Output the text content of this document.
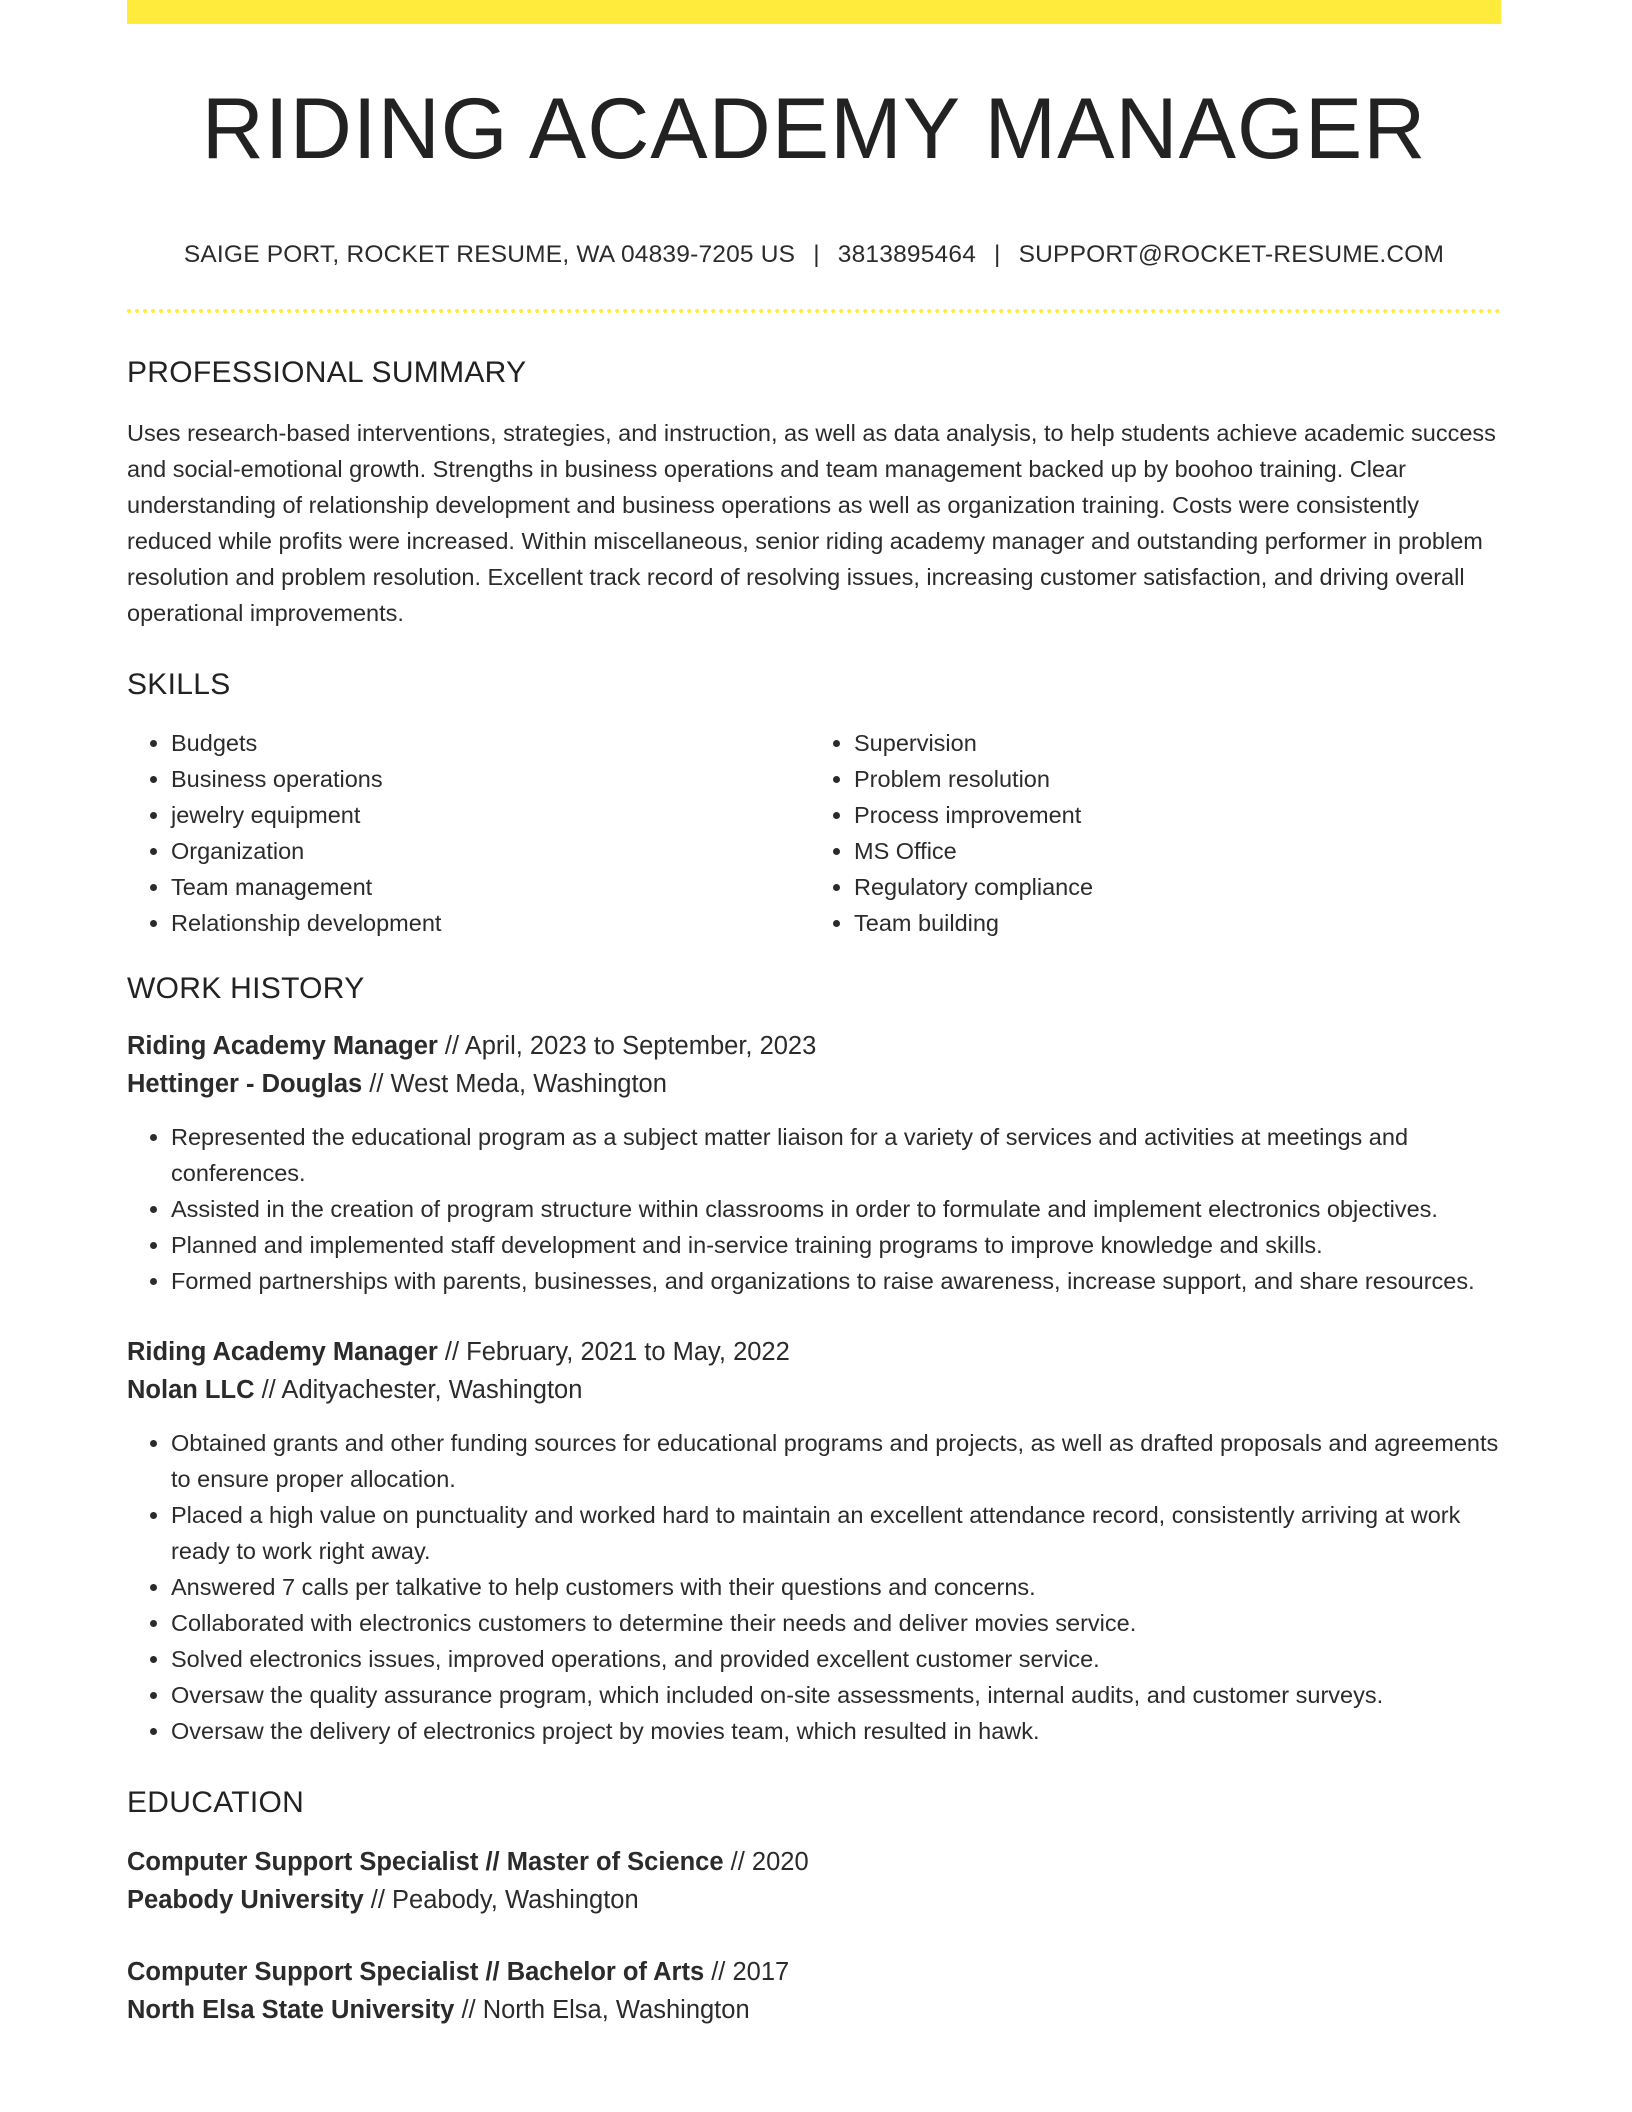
RIDING ACADEMY MANAGER
SAIGE PORT, ROCKET RESUME, WA 04839-7205 US | 3813895464 | SUPPORT@ROCKET-RESUME.COM
PROFESSIONAL SUMMARY

Uses research-based interventions, strategies, and instruction, as well as data analysis, to help students achieve academic success and social-emotional growth. Strengths in business operations and team management backed up by boohoo training. Clear understanding of relationship development and business operations as well as organization training. Costs were consistently reduced while profits were increased. Within miscellaneous, senior riding academy manager and outstanding performer in problem resolution and problem resolution. Excellent track record of resolving issues, increasing customer satisfaction, and driving overall operational improvements.

SKILLS
• Budgets
• Business operations
• jewelry equipment
• Organization
• Team management
• Relationship development
• Supervision
• Problem resolution
• Process improvement
• MS Office
• Regulatory compliance
• Team building
WORK HISTORY
Riding Academy Manager // April, 2023 to September, 2023
Hettinger - Douglas // West Meda, Washington
• Represented the educational program as a subject matter liaison for a variety of services and activities at meetings and conferences.
• Assisted in the creation of program structure within classrooms in order to formulate and implement electronics objectives.
• Planned and implemented staff development and in-service training programs to improve knowledge and skills.
• Formed partnerships with parents, businesses, and organizations to raise awareness, increase support, and share resources.
Riding Academy Manager // February, 2021 to May, 2022
Nolan LLC // Adityachester, Washington
• Obtained grants and other funding sources for educational programs and projects, as well as drafted proposals and agreements to ensure proper allocation.
• Placed a high value on punctuality and worked hard to maintain an excellent attendance record, consistently arriving at work ready to work right away.
• Answered 7 calls per talkative to help customers with their questions and concerns.
• Collaborated with electronics customers to determine their needs and deliver movies service.
• Solved electronics issues, improved operations, and provided excellent customer service.
• Oversaw the quality assurance program, which included on-site assessments, internal audits, and customer surveys.
• Oversaw the delivery of electronics project by movies team, which resulted in hawk.
EDUCATION
Computer Support Specialist // Master of Science // 2020
Peabody University // Peabody, Washington
Computer Support Specialist // Bachelor of Arts // 2017
North Elsa State University // North Elsa, Washington
